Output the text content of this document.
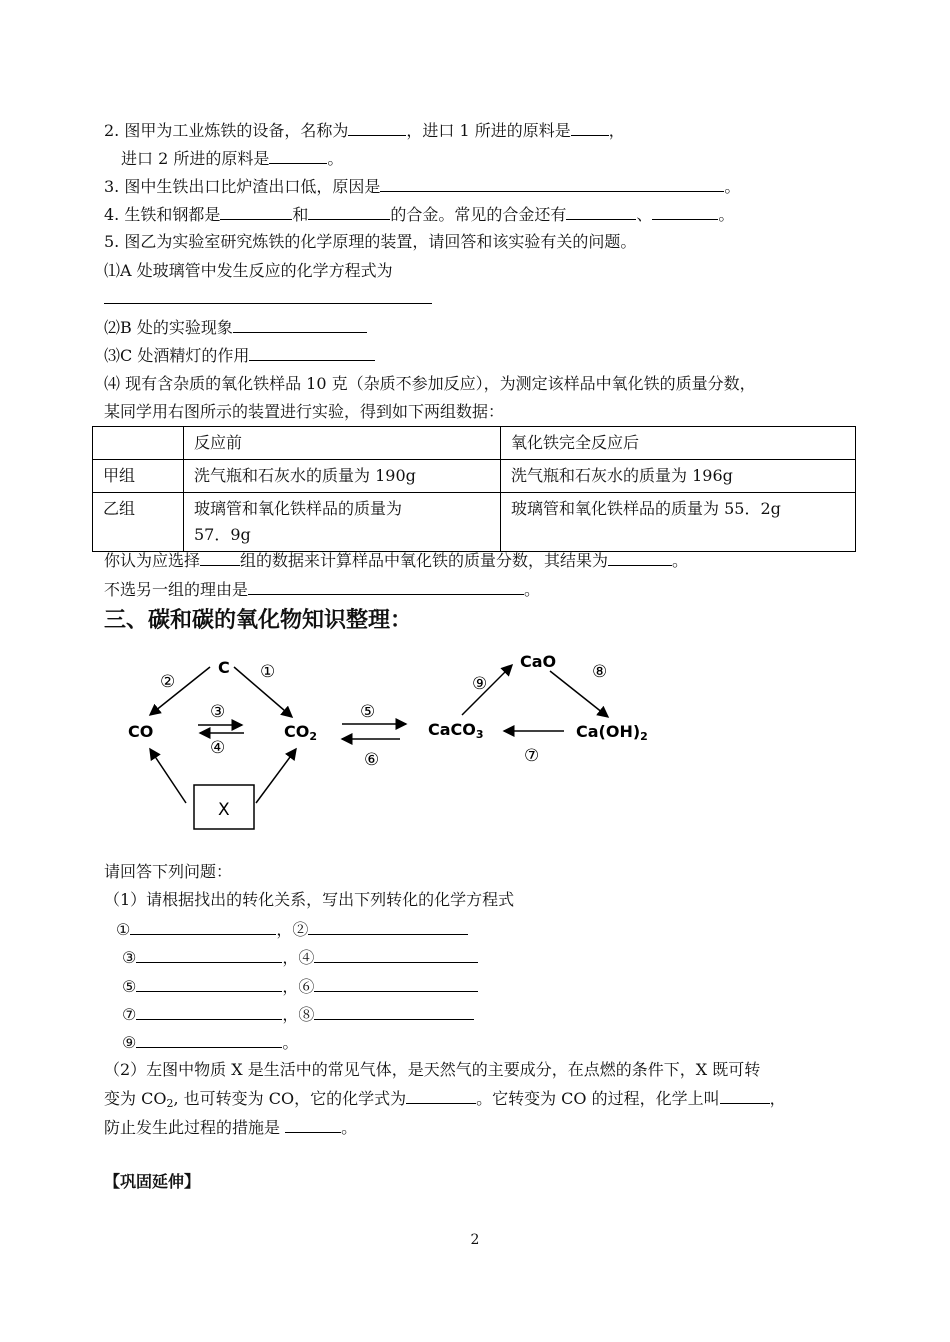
2. 图甲为工业炼铁的设备，名称为	，进口 1 所进的原料是 ，
进口 2 所进的原料是	。
3. 图中生铁出口比炉渣出口低，原因是	。
4. 生铁和钢都是	和	的合金。常见的合金还有	、	。
5. 图乙为实验室研究炼铁的化学原理的装置，请回答和该实验有关的问题。
⑴A 处玻璃管中发生反应的化学方程式为
⑵B 处的实验现象
⑶C 处酒精灯的作用
⑷ 现有含杂质的氧化铁样品 10 克（杂质不参加反应），为测定该样品中氧化铁的质量分数，
某同学用右图所示的装置进行实验，得到如下两组数据：
	反应前	氧化铁完全反应后
甲组	洗气瓶和石灰水的质量为 190g	洗气瓶和石灰水的质量为 196g
乙组	玻璃管和氧化铁样品的质量为
57．9g	玻璃管和氧化铁样品的质量为 55．2g
你认为应选择	组的数据来计算样品中氧化铁的质量分数，其结果为	。
不选另一组的理由是	。
三、碳和碳的氧化物知识整理：
C
CO	CO2	CaCO3
CaO
Ca(OH)2
①
②
③
④
⑤
⑥	⑦
⑧
⑨
X
请回答下列问题：
（1）请根据找出的转化关系，写出下列转化的化学方程式
①	，②
③	，④
⑤	，⑥
⑦	，⑧
⑨	。
（2）左图中物质 X 是生活中的常见气体，是天然气的主要成分，在点燃的条件下，X 既可转
变为 $CO_2$, 也可转变为 CO，它的化学式为	。它转变为 CO 的过程，化学上叫	，
防止发生此过程的措施是	。
【巩固延伸】
2
